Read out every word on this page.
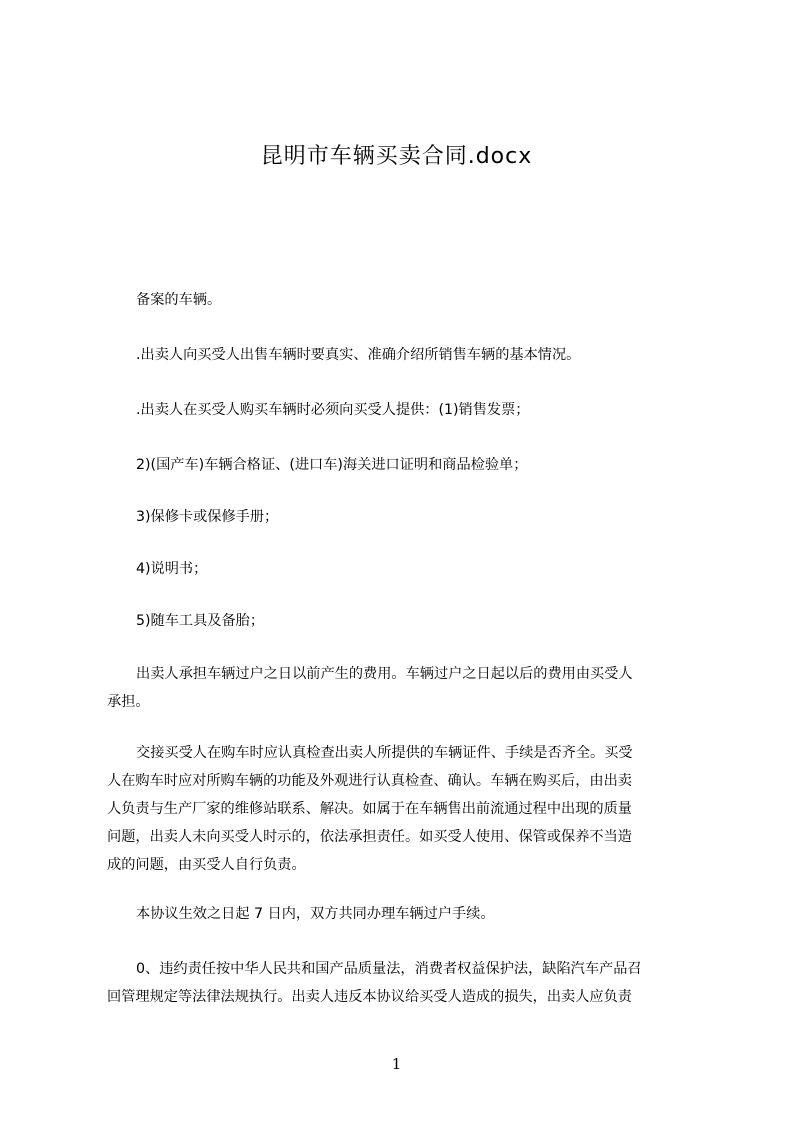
昆明市车辆买卖合同.docx
备案的车辆。
.出卖人向买受人出售车辆时要真实、准确介绍所销售车辆的基本情况。
.出卖人在买受人购买车辆时必须向买受人提供：(1)销售发票；
2)(国产车)车辆合格证、(进口车)海关进口证明和商品检验单；
3)保修卡或保修手册；
4)说明书；
5)随车工具及备胎；
出卖人承担车辆过户之日以前产生的费用。车辆过户之日起以后的费用由买受人
承担。
交接买受人在购车时应认真检查出卖人所提供的车辆证件、手续是否齐全。买受
人在购车时应对所购车辆的功能及外观进行认真检查、确认。车辆在购买后，由出卖
人负责与生产厂家的维修站联系、解决。如属于在车辆售出前流通过程中出现的质量
问题，出卖人未向买受人时示的，依法承担责任。如买受人使用、保管或保养不当造
成的问题，由买受人自行负责。
本协议生效之日起 7 日内，双方共同办理车辆过户手续。
0、违约责任按中华人民共和国产品质量法，消费者权益保护法，缺陷汽车产品召
回管理规定等法律法规执行。出卖人违反本协议给买受人造成的损失，出卖人应负责
1
